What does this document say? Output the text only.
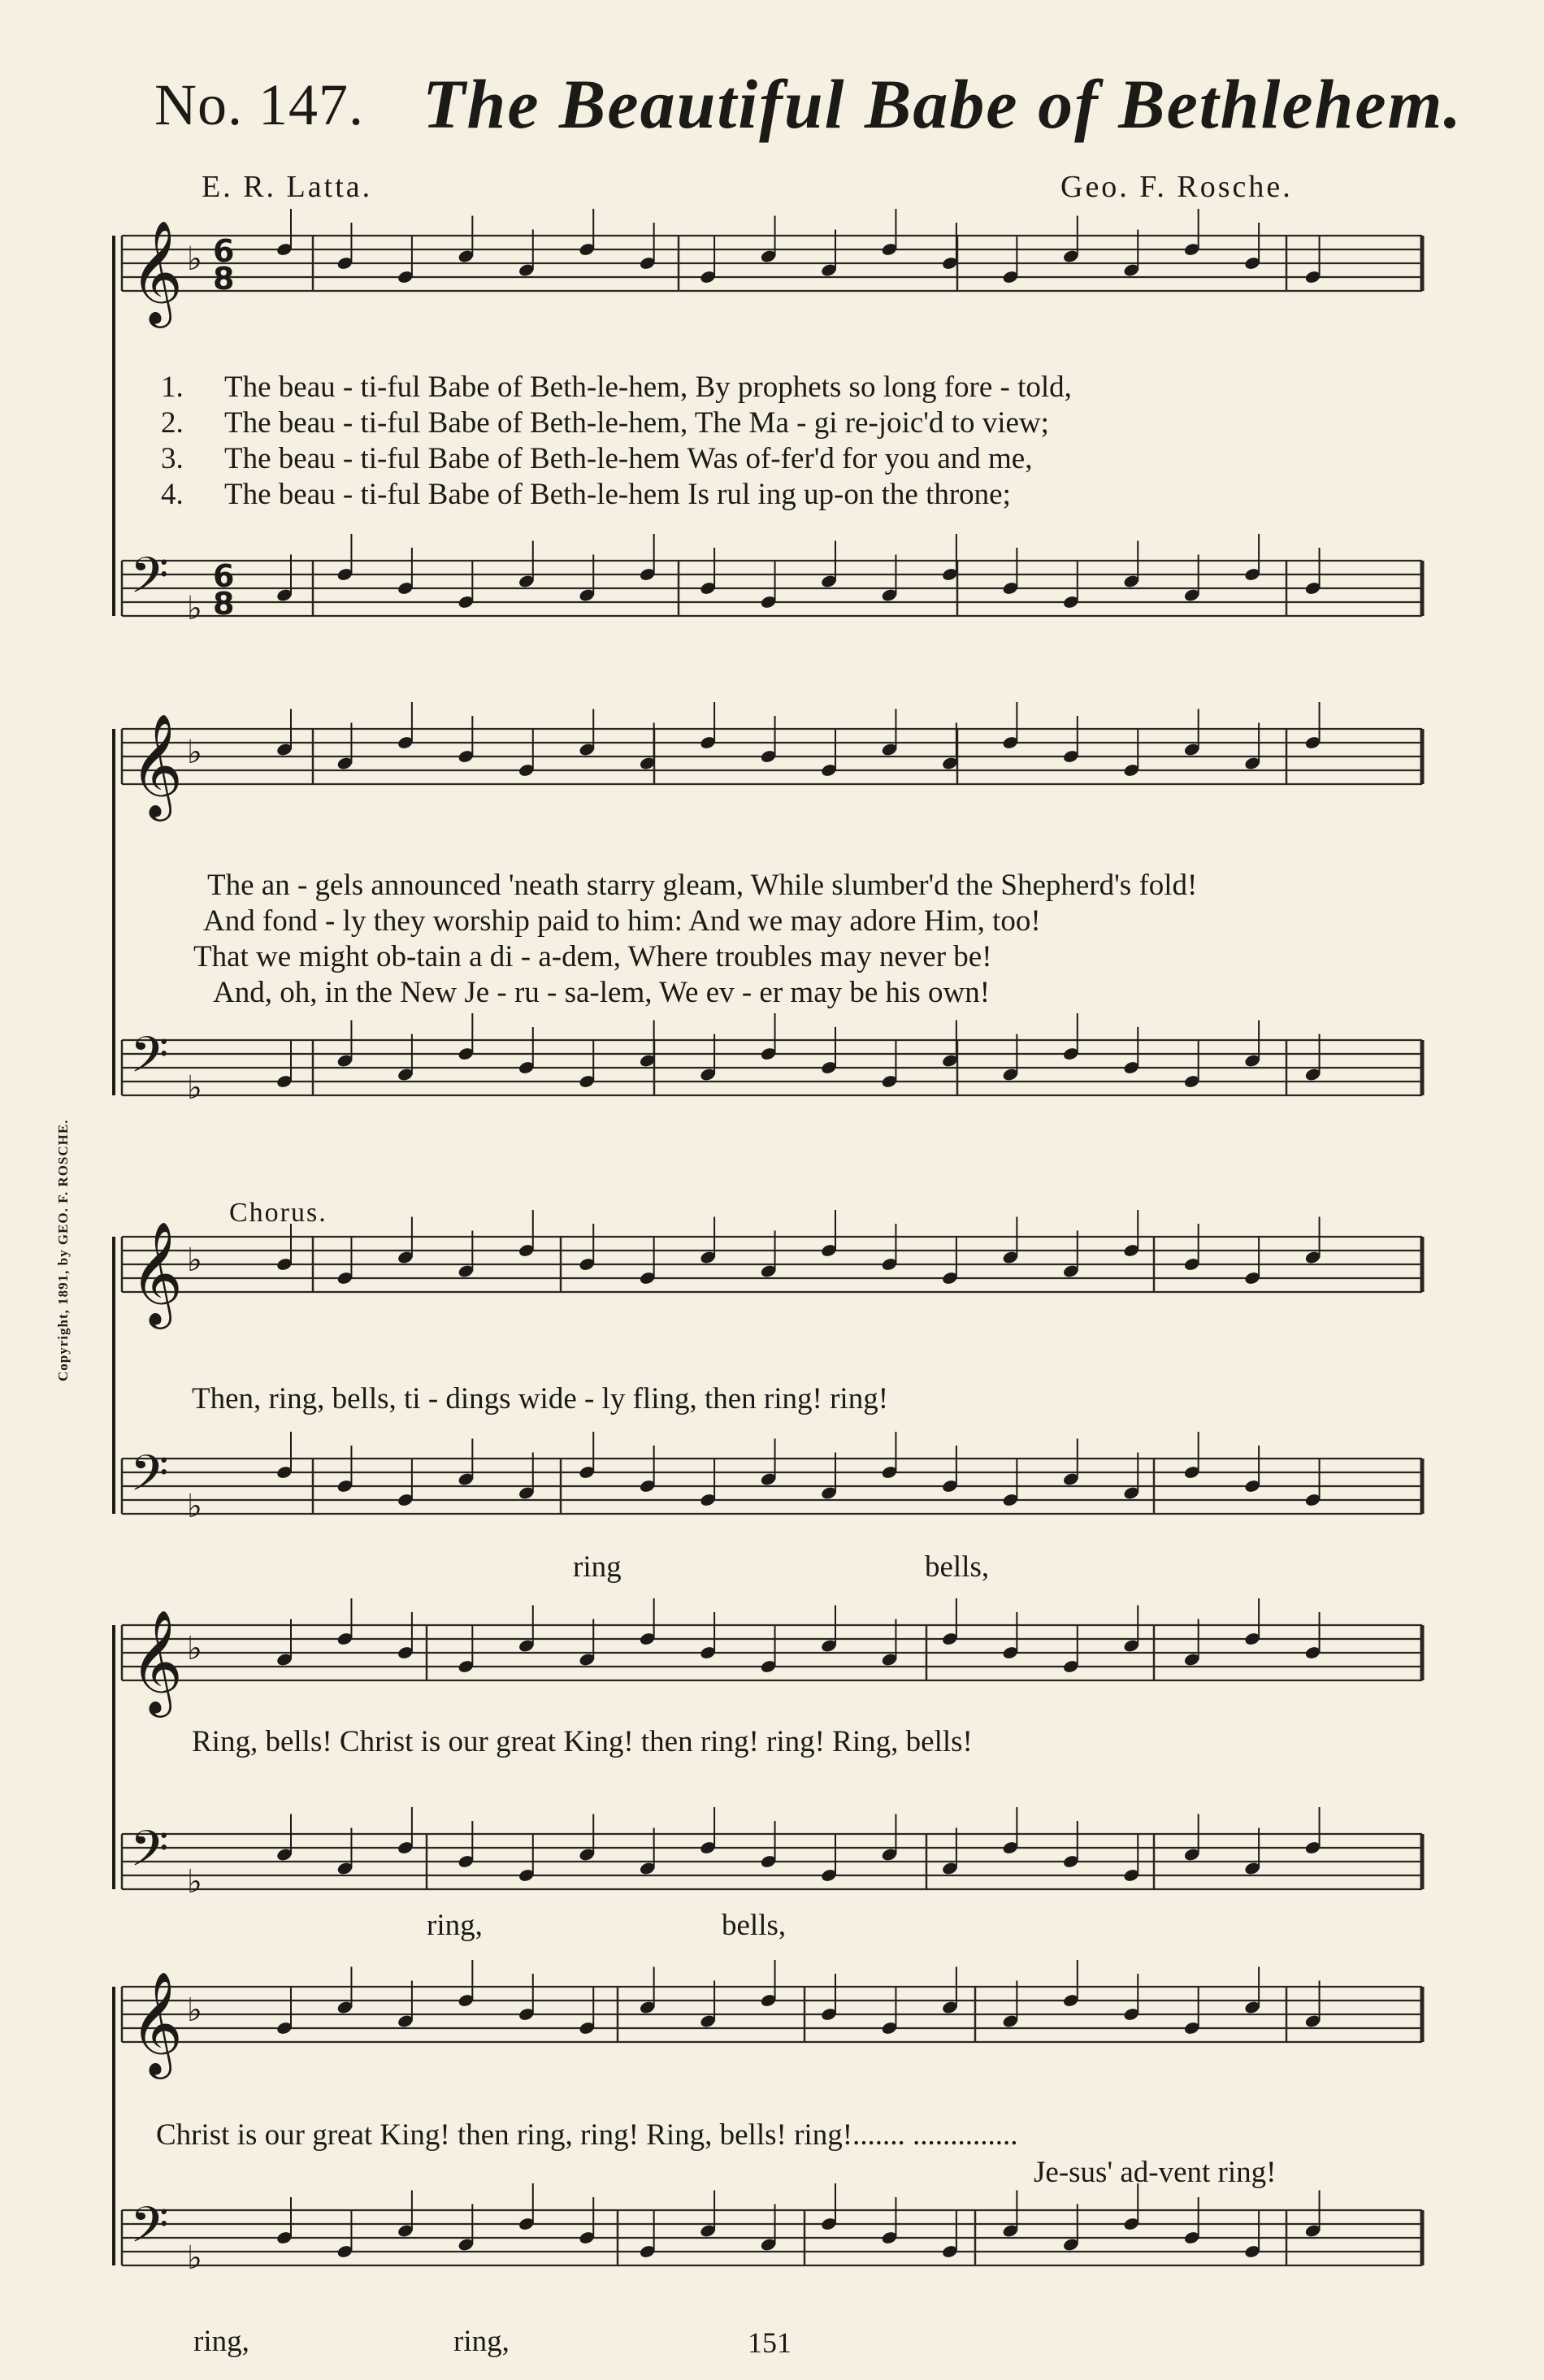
No. 147. The Beautiful Babe of Bethlehem.
E. R. Latta.	Geo. F. Rosche.
Copyright, 1891, by GEO. F. ROSCHE.
𝄞 ♭
𝄢 ♭
𝄞 ♭
𝄢 ♭
𝄞 ♭
𝄢 ♭
𝄞 ♭
𝄢 ♭
𝄞 ♭
𝄢 ♭
6
8
6
8
1. The beau - ti-ful Babe of Beth-le-hem, By prophets so long fore - told,
2. The beau - ti-ful Babe of Beth-le-hem, The Ma - gi re-joic'd to view;
3. The beau - ti-ful Babe of Beth-le-hem Was of-fer'd for you and me,
4. The beau - ti-ful Babe of Beth-le-hem Is rul ing up-on the throne;
The an - gels announced 'neath starry gleam, While slumber'd the Shepherd's fold!
And fond - ly they worship paid to him: And we may adore Him, too!
That we might ob-tain a di - a-dem, Where troubles may never be!
And, oh, in the New Je - ru - sa-lem, We ev - er may be his own!
Chorus.
Then, ring, bells, ti - dings wide - ly fling, then ring! ring!
ring	bells,
Ring, bells! Christ is our great King! then ring! ring! Ring, bells!
ring,	bells,
Christ is our great King! then ring, ring! Ring, bells! ring!....... ..............
Je-sus' ad-vent ring!
ring,	ring,	151
